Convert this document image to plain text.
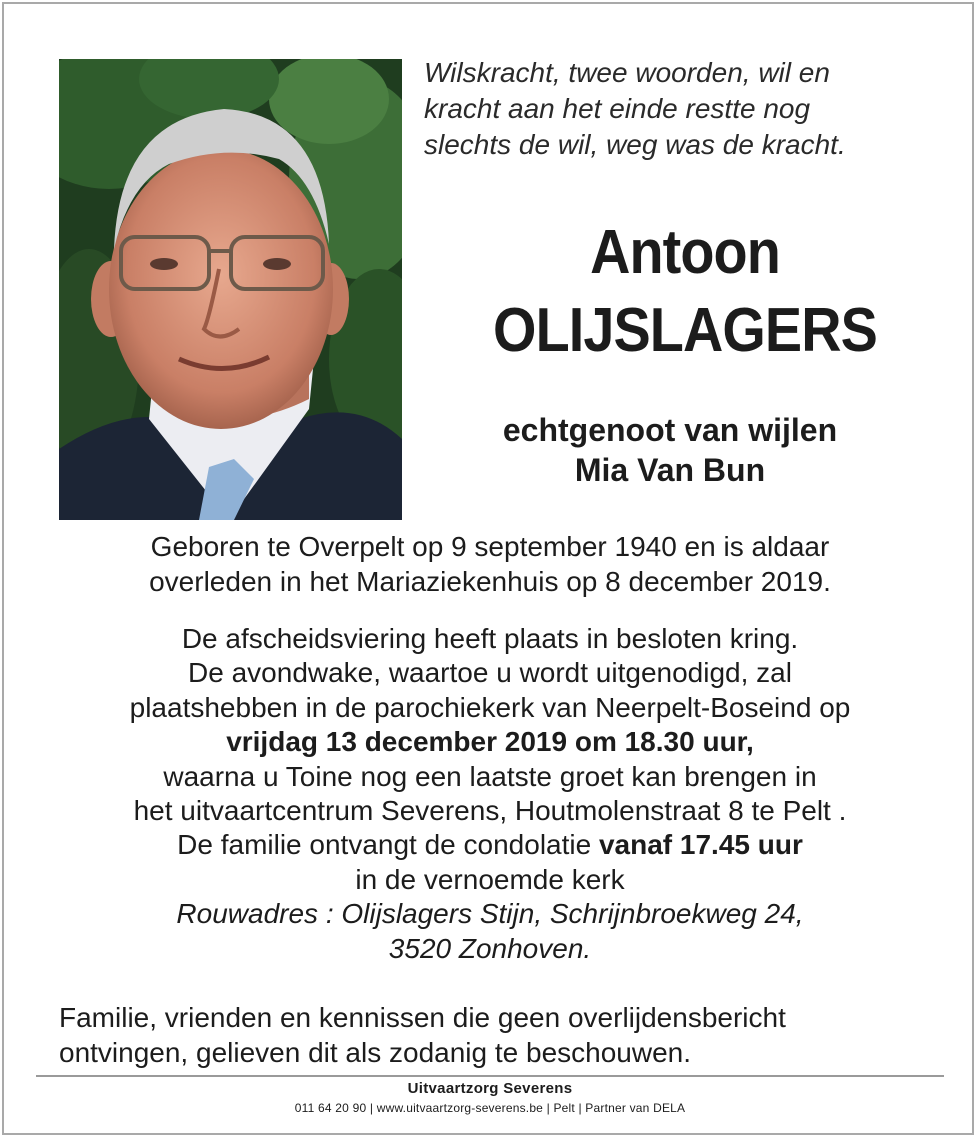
Wilskracht, twee woorden, wil en
kracht aan het einde restte nog
slechts de wil, weg was de kracht.
Antoon
OLIJSLAGERS
echtgenoot van wijlen
Mia Van Bun
Geboren te Overpelt op 9 september 1940 en is aldaar
overleden in het Mariaziekenhuis op 8 december 2019.
De afscheidsviering heeft plaats in besloten kring.
De avondwake, waartoe u wordt uitgenodigd, zal
plaatshebben in de parochiekerk van Neerpelt-Boseind op
vrijdag 13 december 2019 om 18.30 uur,
waarna u Toine nog een laatste groet kan brengen in
het uitvaartcentrum Severens, Houtmolenstraat 8 te Pelt .
De familie ontvangt de condolatie vanaf 17.45 uur
in de vernoemde kerk
Rouwadres : Olijslagers Stijn, Schrijnbroekweg 24,
3520 Zonhoven.
Familie, vrienden en kennissen die geen overlijdensbericht
ontvingen, gelieven dit als zodanig te beschouwen.
Uitvaartzorg Severens
011 64 20 90 | www.uitvaartzorg-severens.be | Pelt | Partner van DELA
